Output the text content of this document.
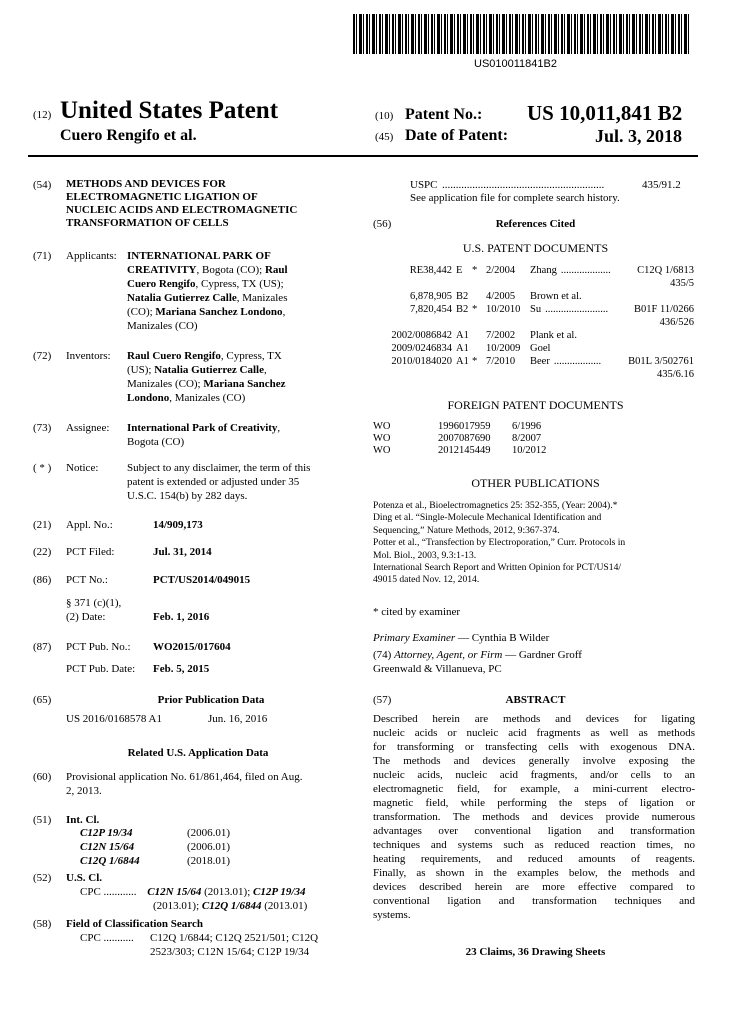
US010011841B2
(12) United States Patent
Cuero Rengifo et al.
(10) Patent No.: US 10,011,841 B2
(45) Date of Patent:	Jul. 3, 2018
(54) METHODS AND DEVICES FOR
ELECTROMAGNETIC LIGATION OF
NUCLEIC ACIDS AND ELECTROMAGNETIC
TRANSFORMATION OF CELLS
(71) Applicants: INTERNATIONAL PARK OF
CREATIVITY, Bogota (CO); Raul
Cuero Rengifo, Cypress, TX (US);
Natalia Gutierrez Calle, Manizales
(CO); Mariana Sanchez Londono,
Manizales (CO)
(72) Inventors: Raul Cuero Rengifo, Cypress, TX
(US); Natalia Gutierrez Calle,
Manizales (CO); Mariana Sanchez
Londono, Manizales (CO)
(73) Assignee: International Park of Creativity,
Bogota (CO)
( * ) Notice:	Subject to any disclaimer, the term of this
patent is extended or adjusted under 35
U.S.C. 154(b) by 282 days.
(21) Appl. No.:	14/909,173
(22) PCT Filed:	Jul. 31, 2014
(86) PCT No.:	PCT/US2014/049015
§ 371 (c)(1),
(2) Date:	Feb. 1, 2016
(87) PCT Pub. No.: WO2015/017604
PCT Pub. Date: Feb. 5, 2015
(65)	Prior Publication Data
US 2016/0168578 A1	Jun. 16, 2016
Related U.S. Application Data
(60) Provisional application No. 61/861,464, filed on Aug.
2, 2013.
(51) Int. Cl.
C12P 19/34	(2006.01)
C12N 15/64	(2006.01)
C12Q 1/6844	(2018.01)
(52) U.S. Cl.
CPC ............ C12N 15/64 (2013.01); C12P 19/34
(2013.01); C12Q 1/6844 (2013.01)
(58) Field of Classification Search
CPC ........... C12Q 1/6844; C12Q 2521/501; C12Q
2523/303; C12N 15/64; C12P 19/34
USPC ...........................................................	435/91.2
See application file for complete search history.
(56)	References Cited
U.S. PATENT DOCUMENTS
RE38,442 E * 2/2004 Zhang ...................	C12Q 1/6813
435/5
6,878,905 B2 4/2005 Brown et al.
7,820,454 B2 * 10/2010 Su ........................	B01F 11/0266
436/526
2002/0086842 A1 7/2002 Plank et al.
2009/0246834 A1 10/2009 Goel
2010/0184020 A1 * 7/2010 Beer ..................	B01L 3/502761
435/6.16
FOREIGN PATENT DOCUMENTS
WO	1996017959 6/1996
WO	2007087690 8/2007
WO	2012145449 10/2012
OTHER PUBLICATIONS
Potenza et al., Bioelectromagnetics 25: 352-355, (Year: 2004).*
Ding et al. “Single-Molecule Mechanical Identification and
Sequencing,” Nature Methods, 2012, 9:367-374.
Potter et al., “Transfection by Electroporation,” Curr. Protocols in
Mol. Biol., 2003, 9.3:1-13.
International Search Report and Written Opinion for PCT/US14/
49015 dated Nov. 12, 2014.
* cited by examiner
Primary Examiner — Cynthia B Wilder
(74) Attorney, Agent, or Firm — Gardner Groff
Greenwald & Villanueva, PC
(57)	ABSTRACT
Described herein are methods and devices for ligating
nucleic acids or nucleic acid fragments as well as methods
for transforming or transfecting cells with exogenous DNA.
The methods and devices generally involve exposing the
nucleic acids, nucleic acid fragments, and/or cells to an
electromagnetic field, for example, a mini-current electro-
magnetic field, while performing the steps of ligation or
transformation. The methods and devices provide numerous
advantages over conventional ligation and transformation
techniques and systems such as reduced reaction times, no
heating requirements, and reduced amounts of reagents.
Finally, as shown in the examples below, the methods and
devices described herein are more effective compared to
conventional ligation and transformation techniques and
systems.
23 Claims, 36 Drawing Sheets
